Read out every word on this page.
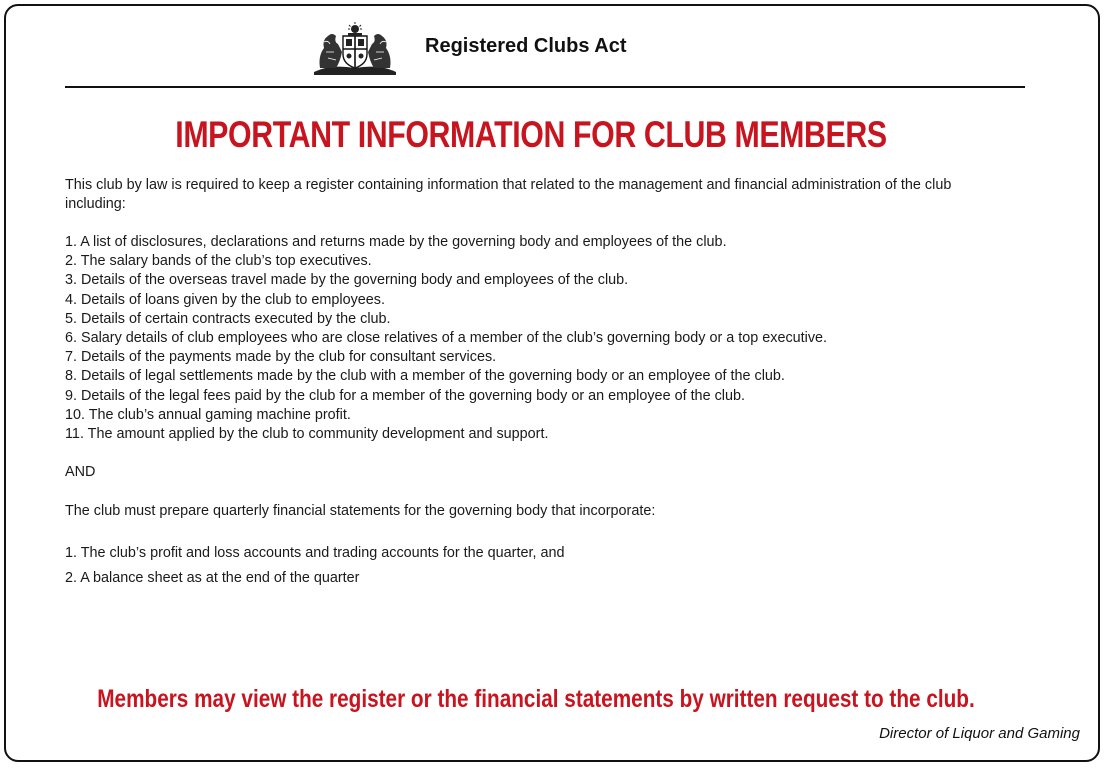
Registered Clubs Act
IMPORTANT INFORMATION FOR CLUB MEMBERS
This club by law is required to keep a register containing information that related to the management and financial administration of the club including:
1. A list of disclosures, declarations and returns made by the governing body and employees of the club.
2. The salary bands of the club’s top executives.
3. Details of the overseas travel made by the governing body and employees of the club.
4. Details of loans given by the club to employees.
5. Details of certain contracts executed by the club.
6. Salary details of club employees who are close relatives of a member of the club’s governing body or a top executive.
7. Details of the payments made by the club for consultant services.
8. Details of legal settlements made by the club with a member of the governing body or an employee of the club.
9. Details of the legal fees paid by the club for a member of the governing body or an employee of the club.
10. The club’s annual gaming machine profit.
11. The amount applied by the club to community development and support.
AND
The club must prepare quarterly financial statements for the governing body that incorporate:
1. The club’s profit and loss accounts and trading accounts for the quarter, and
2. A balance sheet as at the end of the quarter
Members may view the register or the financial statements by written request to the club.
Director of Liquor and Gaming
